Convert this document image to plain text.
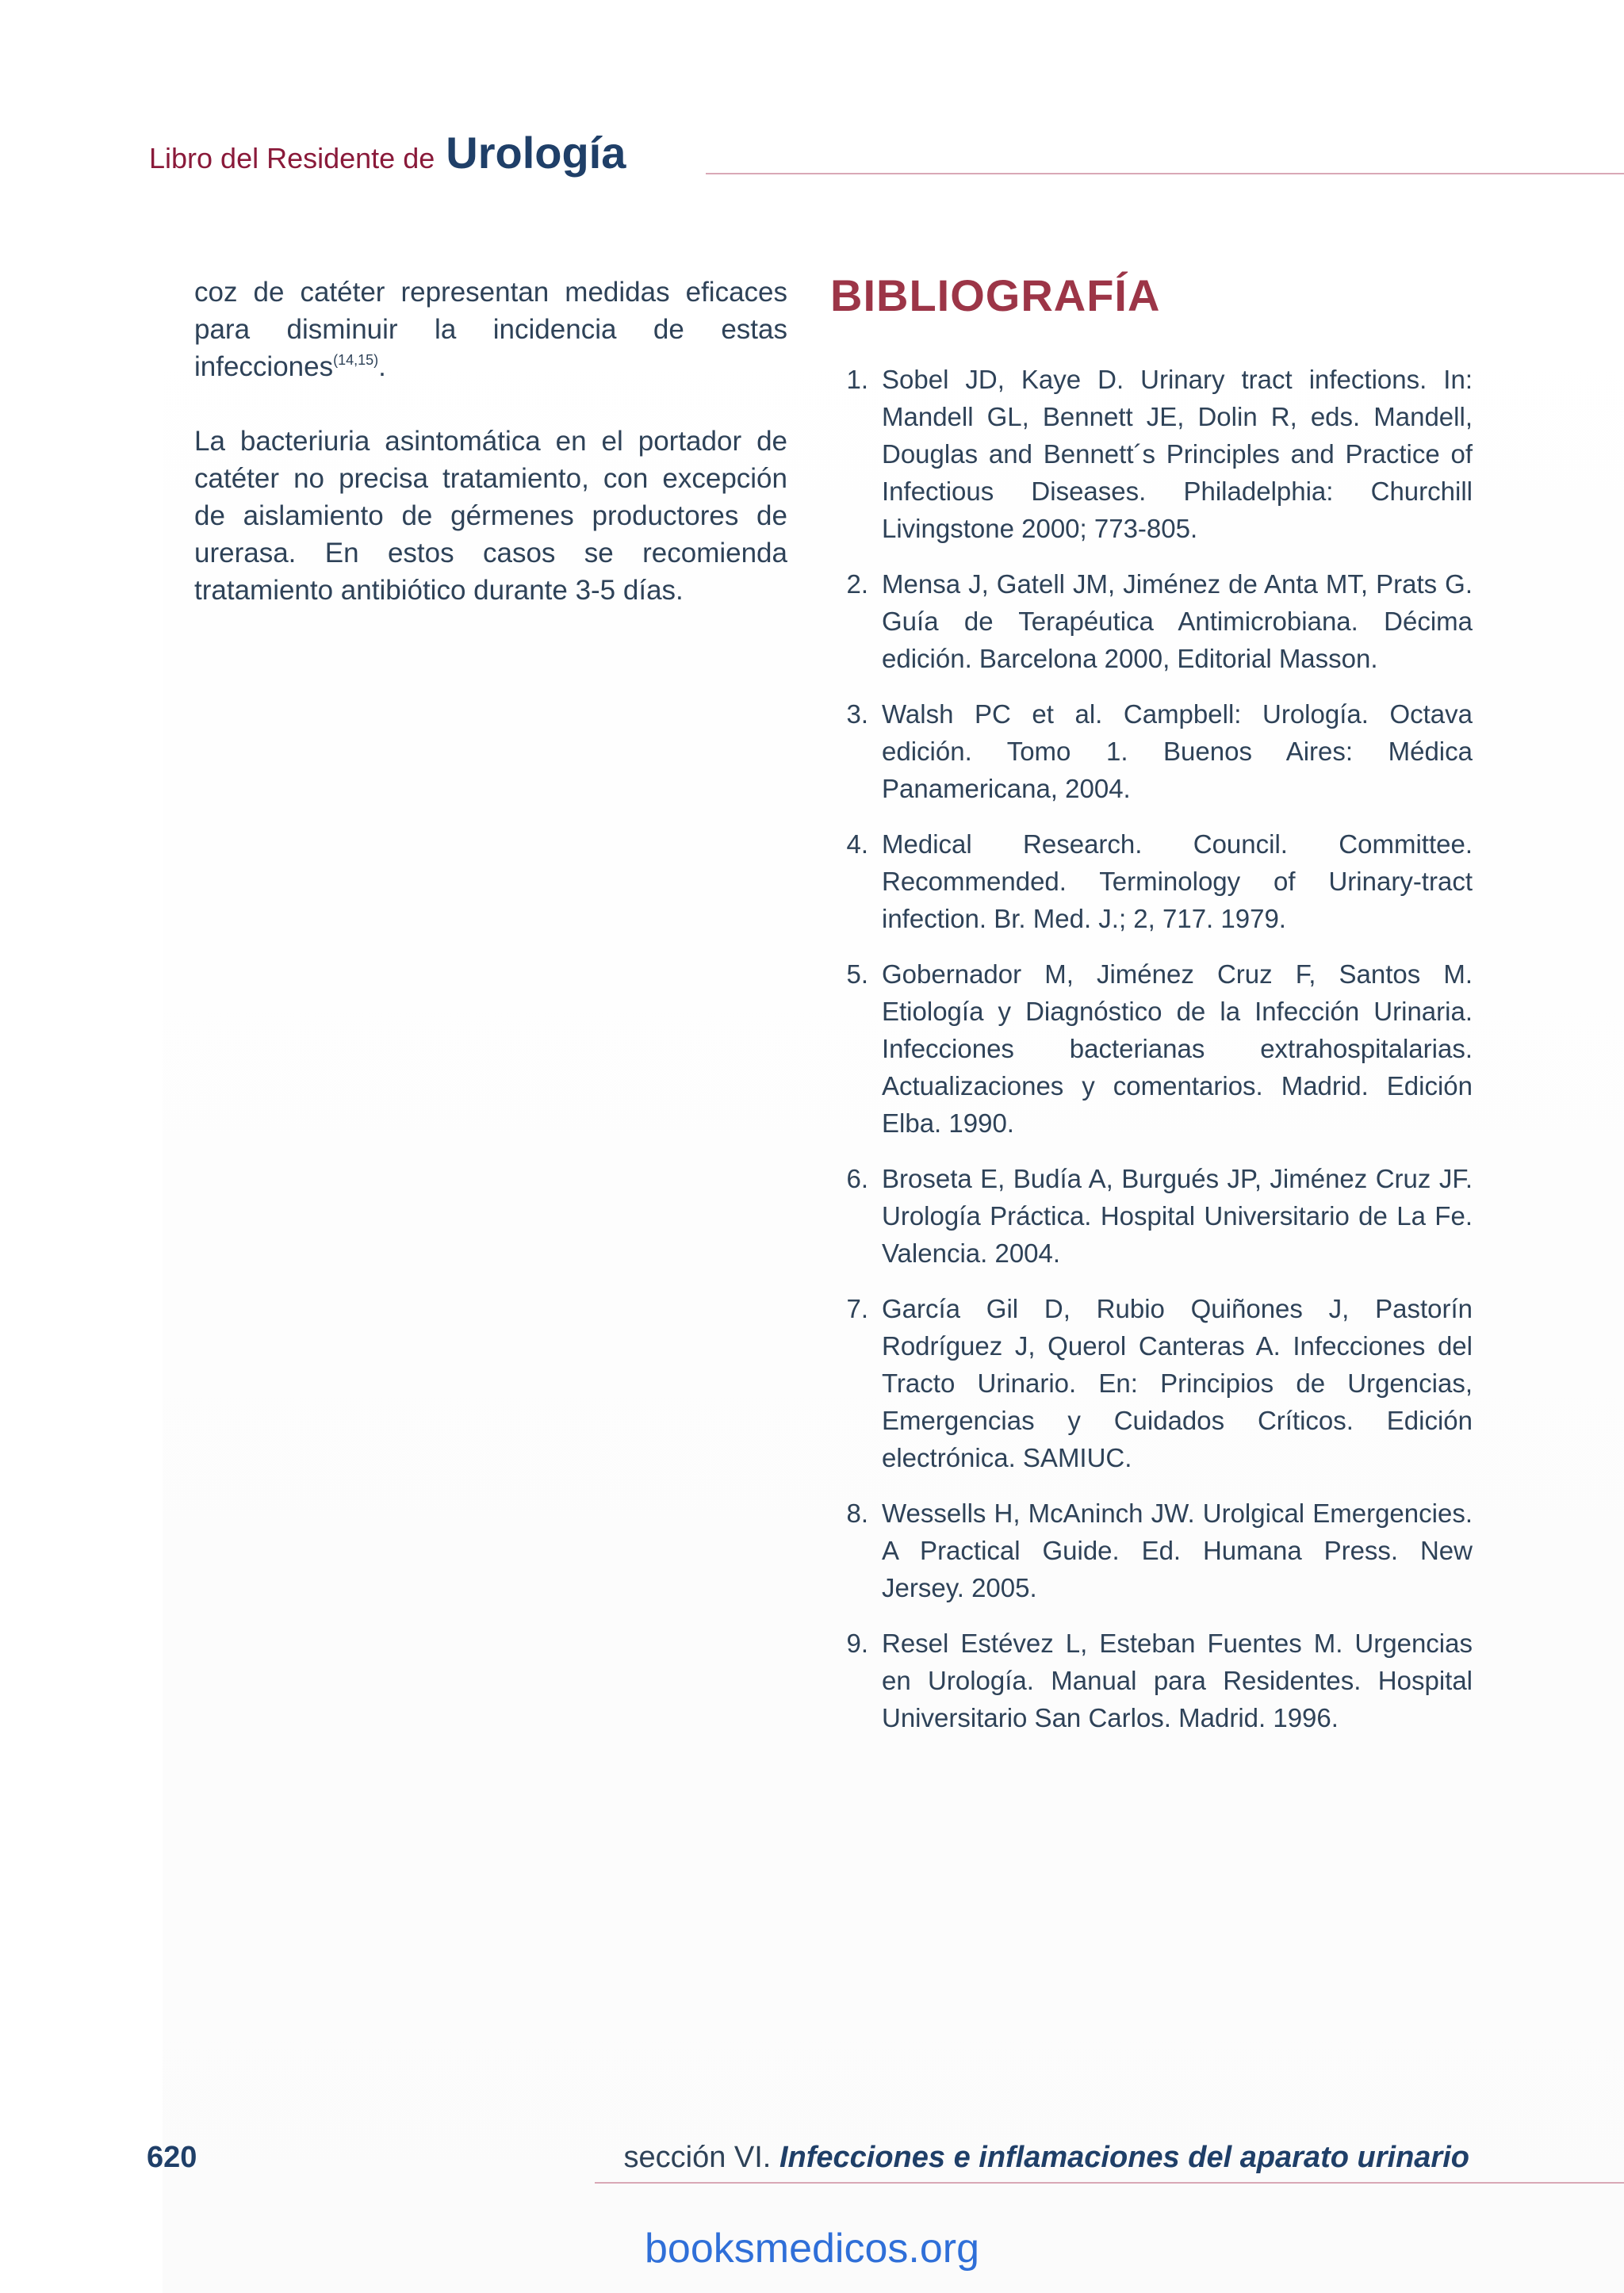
Libro del Residente de Urología

coz de catéter representan medidas eficaces para disminuir la incidencia de estas infecciones$^{(14,15)}$.

La bacteriuria asintomática en el portador de catéter no precisa tratamiento, con excepción de aislamiento de gérmenes productores de urerasa. En estos casos se recomienda tratamiento antibiótico durante 3-5 días.

BIBLIOGRAFÍA
1. Sobel JD, Kaye D. Urinary tract infections. In: Mandell GL, Bennett JE, Dolin R, eds. Mandell, Douglas and Bennett´s Principles and Practice of Infectious Diseases. Philadelphia: Churchill Livingstone 2000; 773-805.
2. Mensa J, Gatell JM, Jiménez de Anta MT, Prats G. Guía de Terapéutica Antimicrobiana. Décima edición. Barcelona 2000, Editorial Masson.
3. Walsh PC et al. Campbell: Urología. Octava edición. Tomo 1. Buenos Aires: Médica Panamericana, 2004.
4. Medical Research. Council. Committee. Recommended. Terminology of Urinary-tract infection. Br. Med. J.; 2, 717. 1979.
5. Gobernador M, Jiménez Cruz F, Santos M. Etiología y Diagnóstico de la Infección Urinaria. Infecciones bacterianas extrahospitalarias. Actualizaciones y comentarios. Madrid. Edición Elba. 1990.
6. Broseta E, Budía A, Burgués JP, Jiménez Cruz JF. Urología Práctica. Hospital Universitario de La Fe. Valencia. 2004.
7. García Gil D, Rubio Quiñones J, Pastorín Rodríguez J, Querol Canteras A. Infecciones del Tracto Urinario. En: Principios de Urgencias, Emergencias y Cuidados Críticos. Edición electrónica. SAMIUC.
8. Wessells H, McAninch JW. Urolgical Emergencies. A Practical Guide. Ed. Humana Press. New Jersey. 2005.
9. Resel Estévez L, Esteban Fuentes M. Urgencias en Urología. Manual para Residentes. Hospital Universitario San Carlos. Madrid. 1996.
620	sección VI. Infecciones e inflamaciones del aparato urinario
booksmedicos.org
